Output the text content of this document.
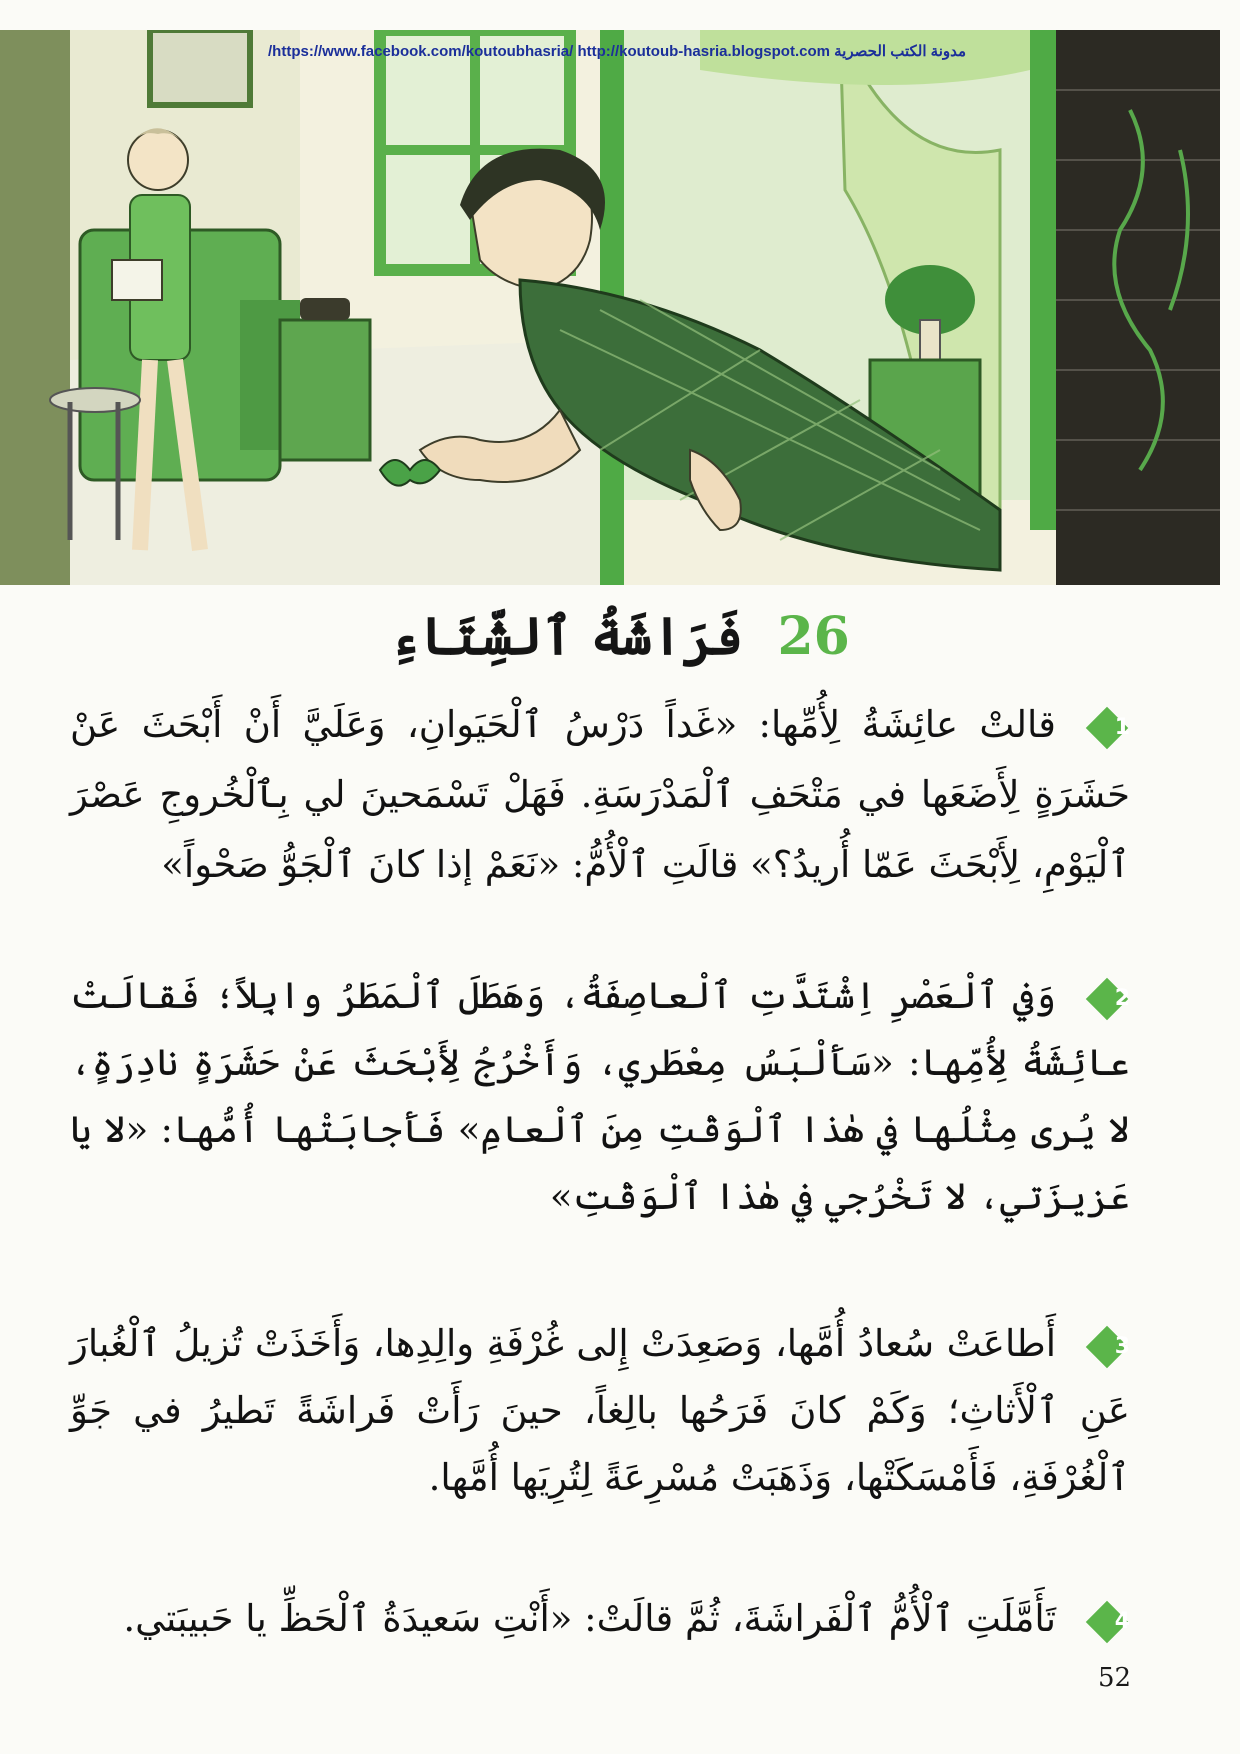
/https://www.facebook.com/koutoubhasria/ http://koutoub-hasria.blogspot.com مدونة الكتب الحصرية
26 فَرَاشَةُ ٱلشِّتَاءِ

1
قالتْ عائِشَةُ لِأُمِّها: «غَداً دَرْسُ ٱلْحَيَوانِ، وَعَلَيَّ أَنْ أَبْحَثَ عَنْ حَشَرَةٍ لِأَضَعَها في مَتْحَفِ ٱلْمَدْرَسَةِ. فَهَلْ تَسْمَحينَ لي بِٱلْخُروجِ عَصْرَ ٱلْيَوْمِ، لِأَبْحَثَ عَمّا أُريدُ؟» قالَتِ ٱلْأُمُّ: «نَعَمْ إذا كانَ ٱلْجَوُّ صَحْواً»

2
وَفي ٱلْعَصْرِ اِشْتَدَّتِ ٱلْعاصِفَةُ، وَهَطَلَ ٱلْمَطَرُ وابِلاً؛ فَقالَتْ عائِشَةُ لِأُمِّها: «سَأَلْبَسُ مِعْطَري، وَأَخْرُجُ لِأَبْحَثَ عَنْ حَشَرَةٍ نادِرَةٍ، لا يُرى مِثْلُها في هٰذا ٱلْوَقْتِ مِنَ ٱلْعامِ» فَأَجابَتْها أُمُّها: «لا يا عَزيزَتي، لا تَخْرُجي في هٰذا ٱلْوَقْتِ»

3
أَطاعَتْ سُعادُ أُمَّها، وَصَعِدَتْ إِلى غُرْفَةِ والِدِها، وَأَخَذَتْ تُزيلُ ٱلْغُبارَ عَنِ ٱلْأَثاثِ؛ وَكَمْ كانَ فَرَحُها بالِغاً، حينَ رَأَتْ فَراشَةً تَطيرُ في جَوِّ ٱلْغُرْفَةِ، فَأَمْسَكَتْها، وَذَهَبَتْ مُسْرِعَةً لِتُرِيَها أُمَّها.

4
تَأَمَّلَتِ ٱلْأُمُّ ٱلْفَراشَةَ، ثُمَّ قالَتْ: «أَنْتِ سَعيدَةُ ٱلْحَظِّ يا حَبيبَتي.

52
